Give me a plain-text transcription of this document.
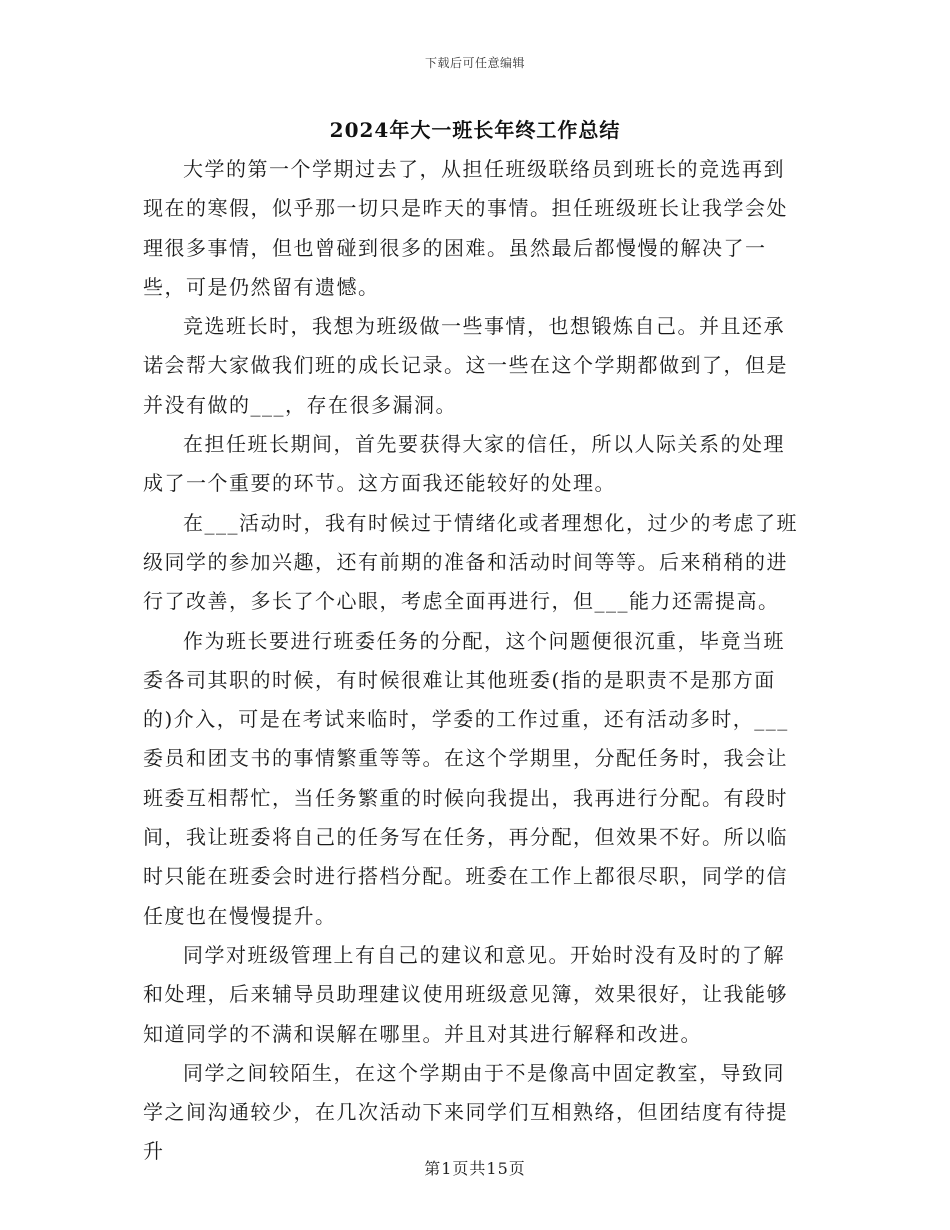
下载后可任意编辑
2024年大一班长年终工作总结

大学的第一个学期过去了，从担任班级联络员到班长的竞选再到现在的寒假，似乎那一切只是昨天的事情。担任班级班长让我学会处理很多事情，但也曾碰到很多的困难。虽然最后都慢慢的解决了一些，可是仍然留有遗憾。

竞选班长时，我想为班级做一些事情，也想锻炼自己。并且还承诺会帮大家做我们班的成长记录。这一些在这个学期都做到了，但是并没有做的___，存在很多漏洞。

在担任班长期间，首先要获得大家的信任，所以人际关系的处理成了一个重要的环节。这方面我还能较好的处理。

在___活动时，我有时候过于情绪化或者理想化，过少的考虑了班级同学的参加兴趣，还有前期的准备和活动时间等等。后来稍稍的进行了改善，多长了个心眼，考虑全面再进行，但___能力还需提高。

作为班长要进行班委任务的分配，这个问题便很沉重，毕竟当班委各司其职的时候，有时候很难让其他班委(指的是职责不是那方面的)介入，可是在考试来临时，学委的工作过重，还有活动多时，___委员和团支书的事情繁重等等。在这个学期里，分配任务时，我会让班委互相帮忙，当任务繁重的时候向我提出，我再进行分配。有段时间，我让班委将自己的任务写在任务，再分配，但效果不好。所以临时只能在班委会时进行搭档分配。班委在工作上都很尽职，同学的信任度也在慢慢提升。

同学对班级管理上有自己的建议和意见。开始时没有及时的了解和处理，后来辅导员助理建议使用班级意见簿，效果很好，让我能够知道同学的不满和误解在哪里。并且对其进行解释和改进。

同学之间较陌生，在这个学期由于不是像高中固定教室，导致同学之间沟通较少，在几次活动下来同学们互相熟络，但团结度有待提升

第1页共15页
